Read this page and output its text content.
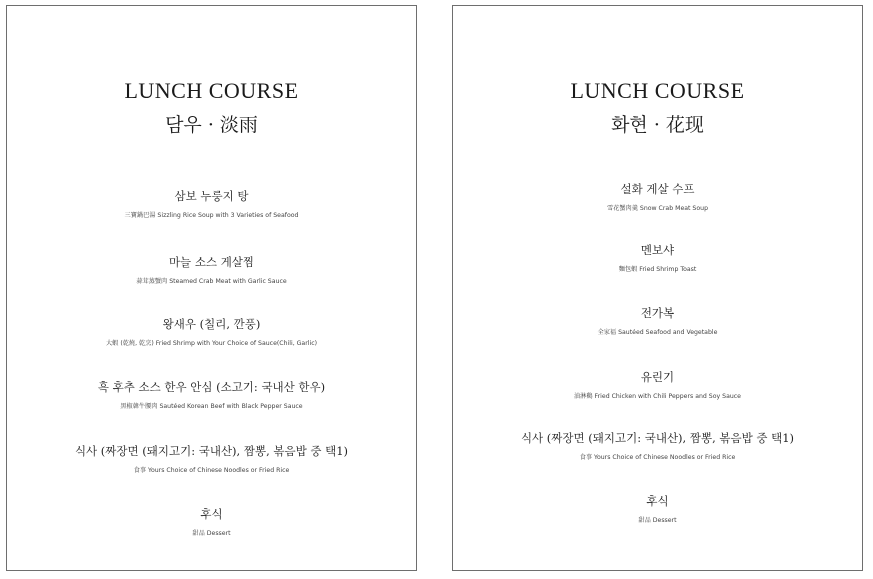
LUNCH COURSE
담우 · 淡雨
삼보 누룽지 탕
三寶鍋巴湯 Sizzling Rice Soup with 3 Varieties of Seafood
마늘 소스 게살찜
蒜茸蒸蟹肉 Steamed Crab Meat with Garlic Sauce
왕새우 (칠리, 깐풍)
大蝦 (乾燒, 乾烹) Fried Shrimp with Your Choice of Sauce(Chili, Garlic)
흑 후추 소스 한우 안심 (소고기: 국내산 한우)
黑椒韓牛腰肉 Sautéed Korean Beef with Black Pepper Sauce
식사 (짜장면 (돼지고기: 국내산), 짬뽕, 볶음밥 중 택1)
食事 Yours Choice of Chinese Noodles or Fried Rice
후식
甜品 Dessert
LUNCH COURSE
화현 · 花现
설화 게살 수프
雪花蟹肉羹 Snow Crab Meat Soup
멘보샤
麵包蝦 Fried Shrimp Toast
전가복
全家福 Sautéed Seafood and Vegetable
유린기
油淋鷄 Fried Chicken with Chili Peppers and Soy Sauce
식사 (짜장면 (돼지고기: 국내산), 짬뽕, 볶음밥 중 택1)
食事 Yours Choice of Chinese Noodles or Fried Rice
후식
甜品 Dessert
